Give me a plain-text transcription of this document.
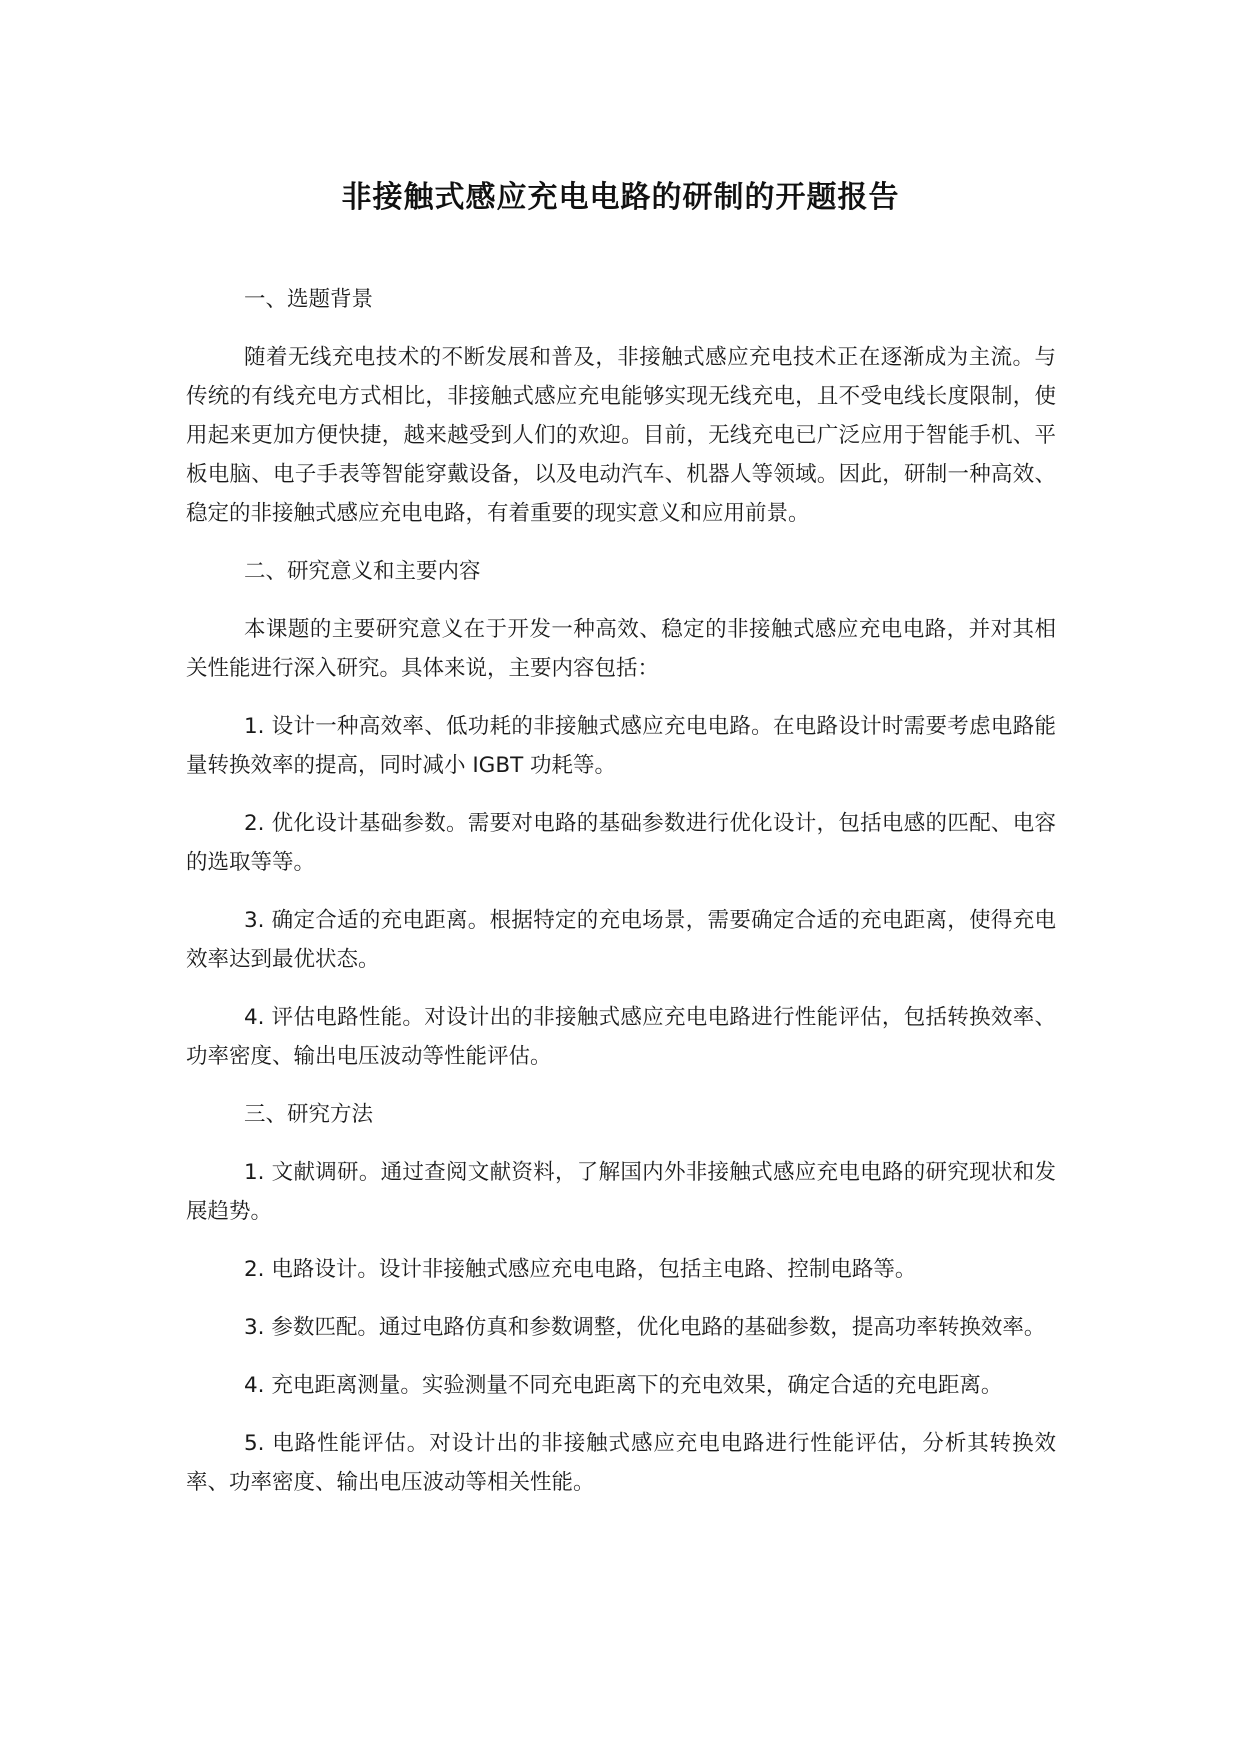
非接触式感应充电电路的研制的开题报告

一、选题背景

随着无线充电技术的不断发展和普及，非接触式感应充电技术正在逐渐成为主流。与传统的有线充电方式相比，非接触式感应充电能够实现无线充电，且不受电线长度限制，使用起来更加方便快捷，越来越受到人们的欢迎。目前，无线充电已广泛应用于智能手机、平板电脑、电子手表等智能穿戴设备，以及电动汽车、机器人等领域。因此，研制一种高效、稳定的非接触式感应充电电路，有着重要的现实意义和应用前景。

二、研究意义和主要内容

本课题的主要研究意义在于开发一种高效、稳定的非接触式感应充电电路，并对其相关性能进行深入研究。具体来说，主要内容包括：

1. 设计一种高效率、低功耗的非接触式感应充电电路。在电路设计时需要考虑电路能量转换效率的提高，同时减小 IGBT 功耗等。

2. 优化设计基础参数。需要对电路的基础参数进行优化设计，包括电感的匹配、电容的选取等等。

3. 确定合适的充电距离。根据特定的充电场景，需要确定合适的充电距离，使得充电效率达到最优状态。

4. 评估电路性能。对设计出的非接触式感应充电电路进行性能评估，包括转换效率、功率密度、输出电压波动等性能评估。

三、研究方法

1. 文献调研。通过查阅文献资料，了解国内外非接触式感应充电电路的研究现状和发展趋势。

2. 电路设计。设计非接触式感应充电电路，包括主电路、控制电路等。

3. 参数匹配。通过电路仿真和参数调整，优化电路的基础参数，提高功率转换效率。

4. 充电距离测量。实验测量不同充电距离下的充电效果，确定合适的充电距离。

5. 电路性能评估。对设计出的非接触式感应充电电路进行性能评估，分析其转换效率、功率密度、输出电压波动等相关性能。
